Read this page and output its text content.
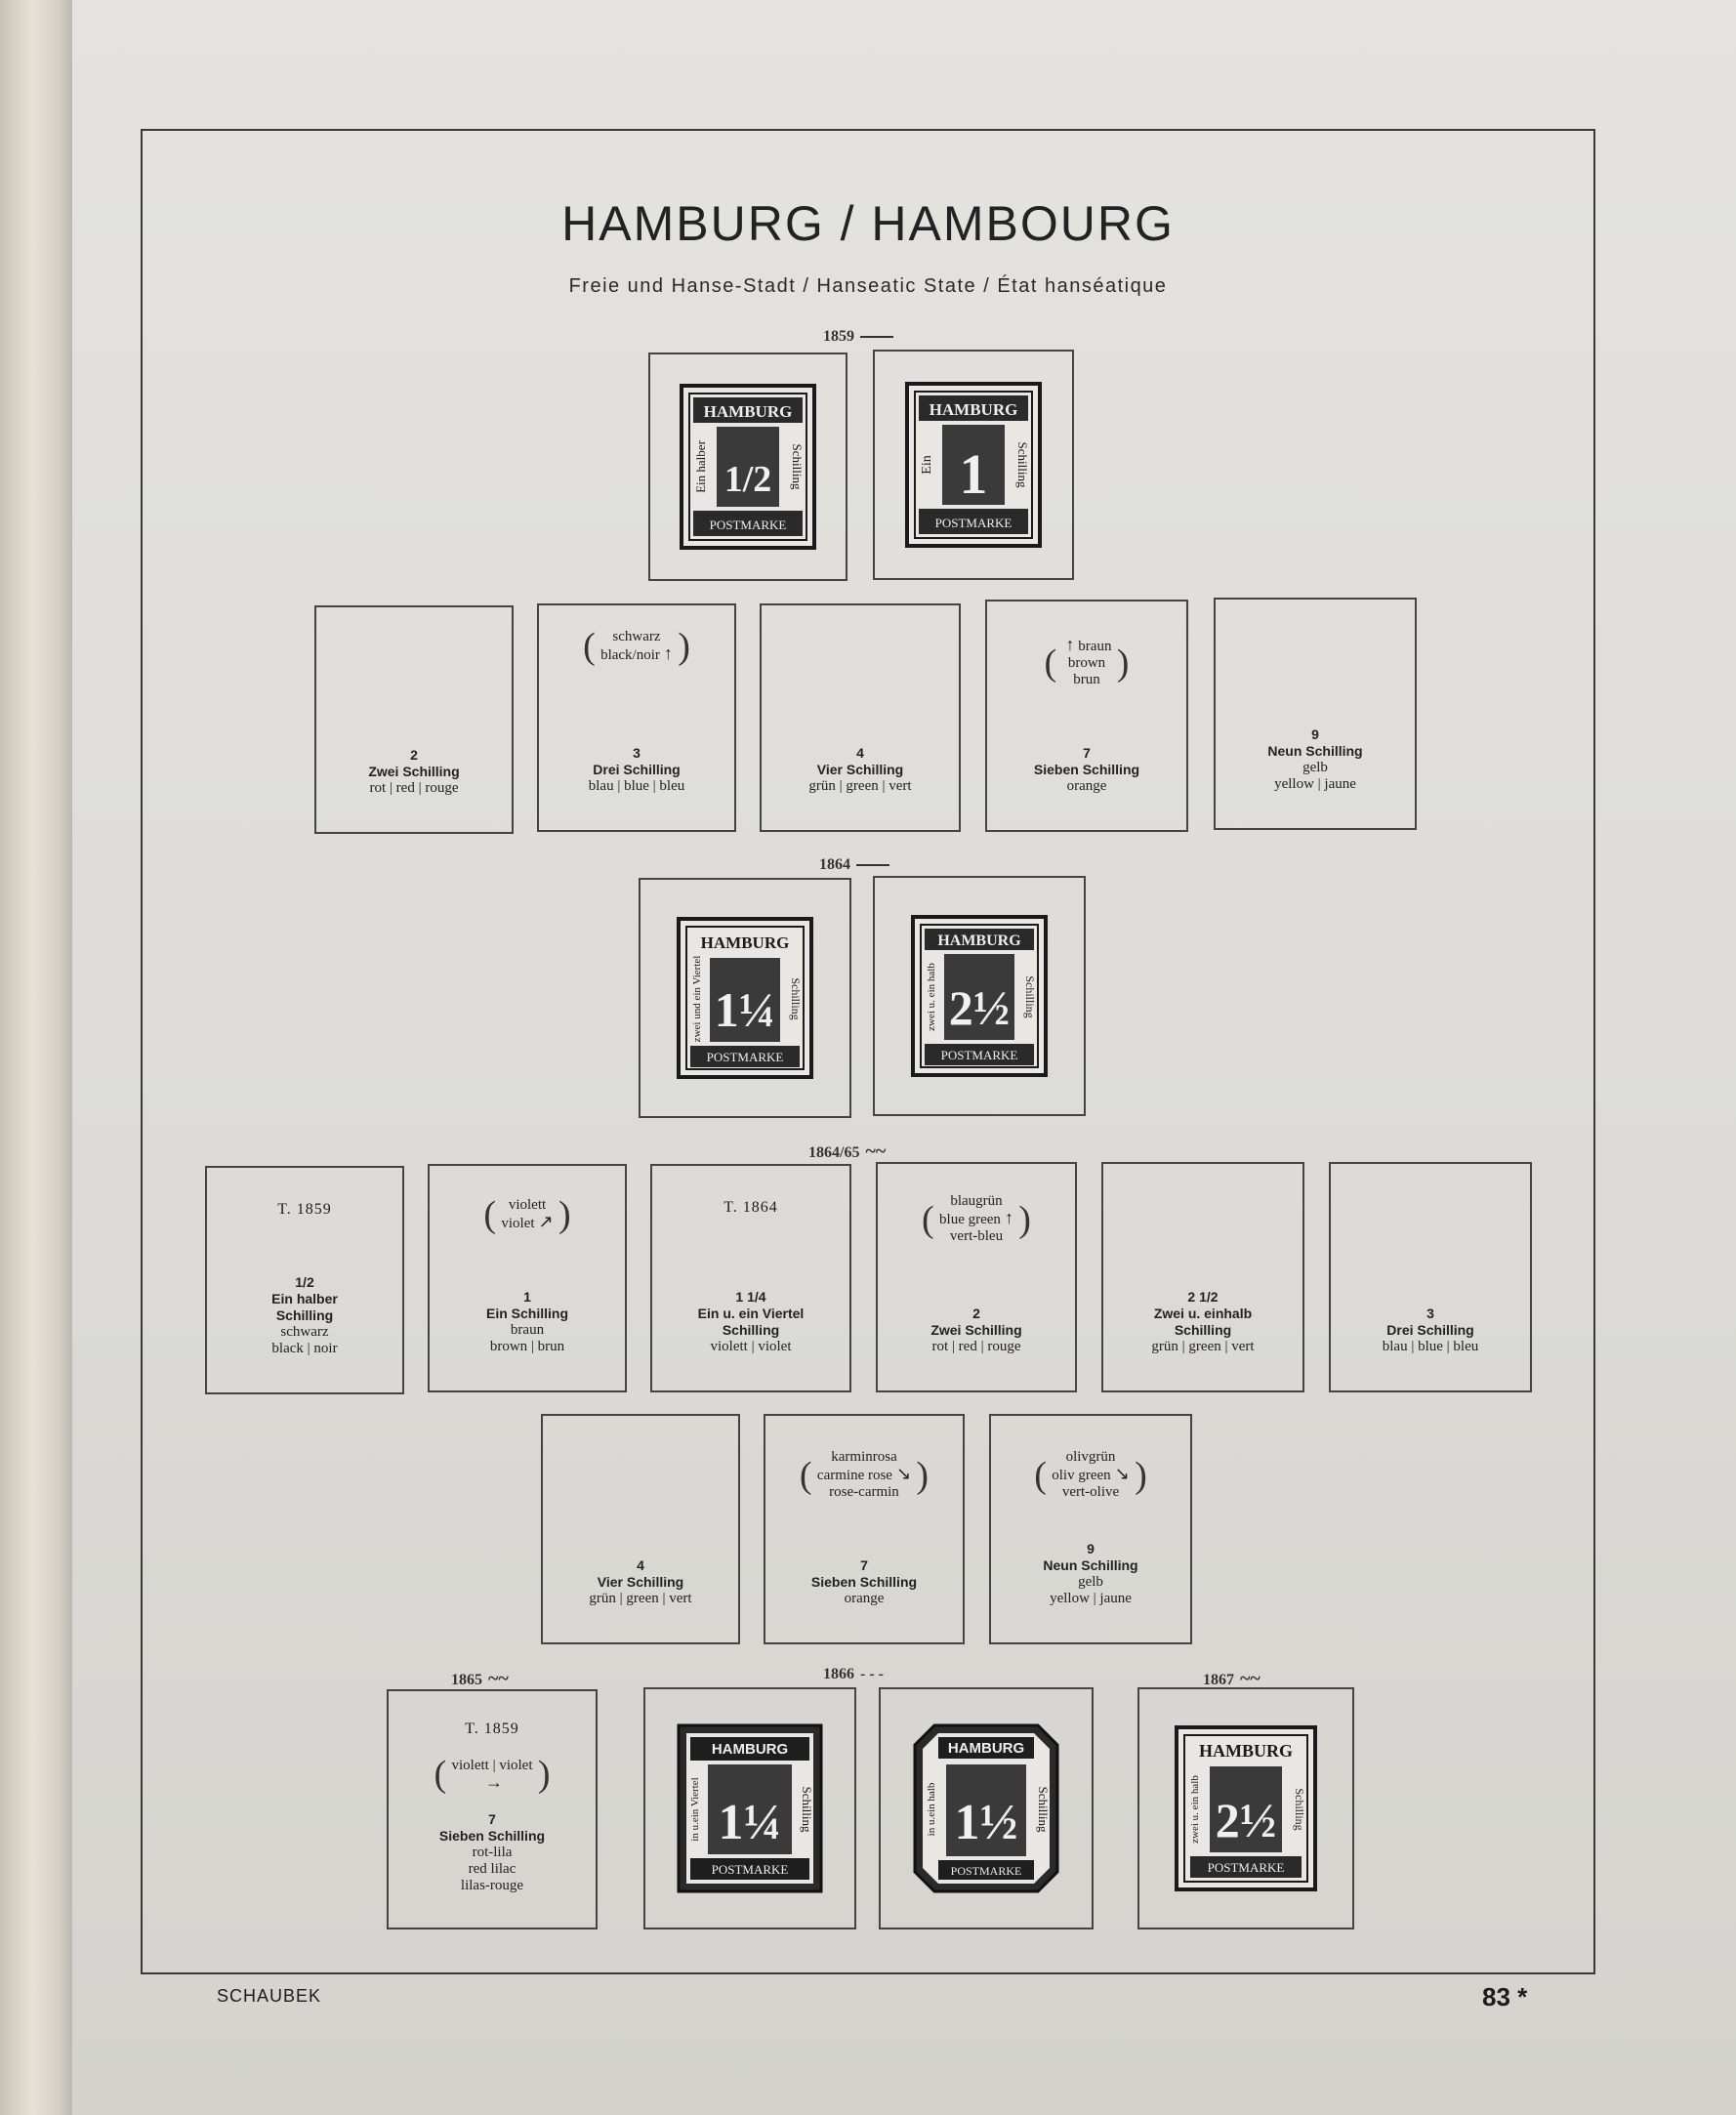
HAMBURG / HAMBOURG
Freie und Hanse-Stadt / Hanseatic State / État hanséatique
1859
HAMBURG
POSTMARKE
Ein halber	Schilling
1/2
HAMBURG
POSTMARKE
Ein	Schilling
1
2
Zwei Schilling
rot | red | rouge
( schwarz
black/noir ↑
)
3
Drei Schilling
blau | blue | bleu
4
Vier Schilling
grün | green | vert
( ↑ braun
brown
brun
)
7
Sieben Schilling
orange
9
Neun Schilling
gelb
yellow | jaune
1864
HAMBURG
POSTMARKE
zwei und ein Viertel	Schilling
1¼
HAMBURG
POSTMARKE
zwei u. ein halb	Schilling
2½
1864/65 ~~
T. 1859
1/2
Ein halber
Schilling
schwarz
black | noir
( violett
violet ↗
)
1
Ein Schilling
braun
brown | brun
T. 1864
1 1/4
Ein u. ein Viertel
Schilling
violett | violet
( blaugrün
blue green ↑
vert-bleu
)
2
Zwei Schilling
rot | red | rouge
2 1/2
Zwei u. einhalb
Schilling
grün | green | vert
3
Drei Schilling
blau | blue | bleu
4
Vier Schilling
grün | green | vert
( karminrosa
carmine rose ↘
rose-carmin
)
7
Sieben Schilling
orange
( olivgrün
oliv green ↘
vert-olive
)
9
Neun Schilling
gelb
yellow | jaune
1865 ~~	1866 - - -	1867 ~~
T. 1859
( violett | violet
→
)
7
Sieben Schilling
rot-lila
red lilac
lilas-rouge
HAMBURG
POSTMARKE
in u.ein Viertel	Schilling
1¼
HAMBURG
POSTMARKE
in u.ein halb	Schilling
1½
HAMBURG
POSTMARKE
zwei u. ein halb	Schilling
2½
SCHAUBEK	83 *
